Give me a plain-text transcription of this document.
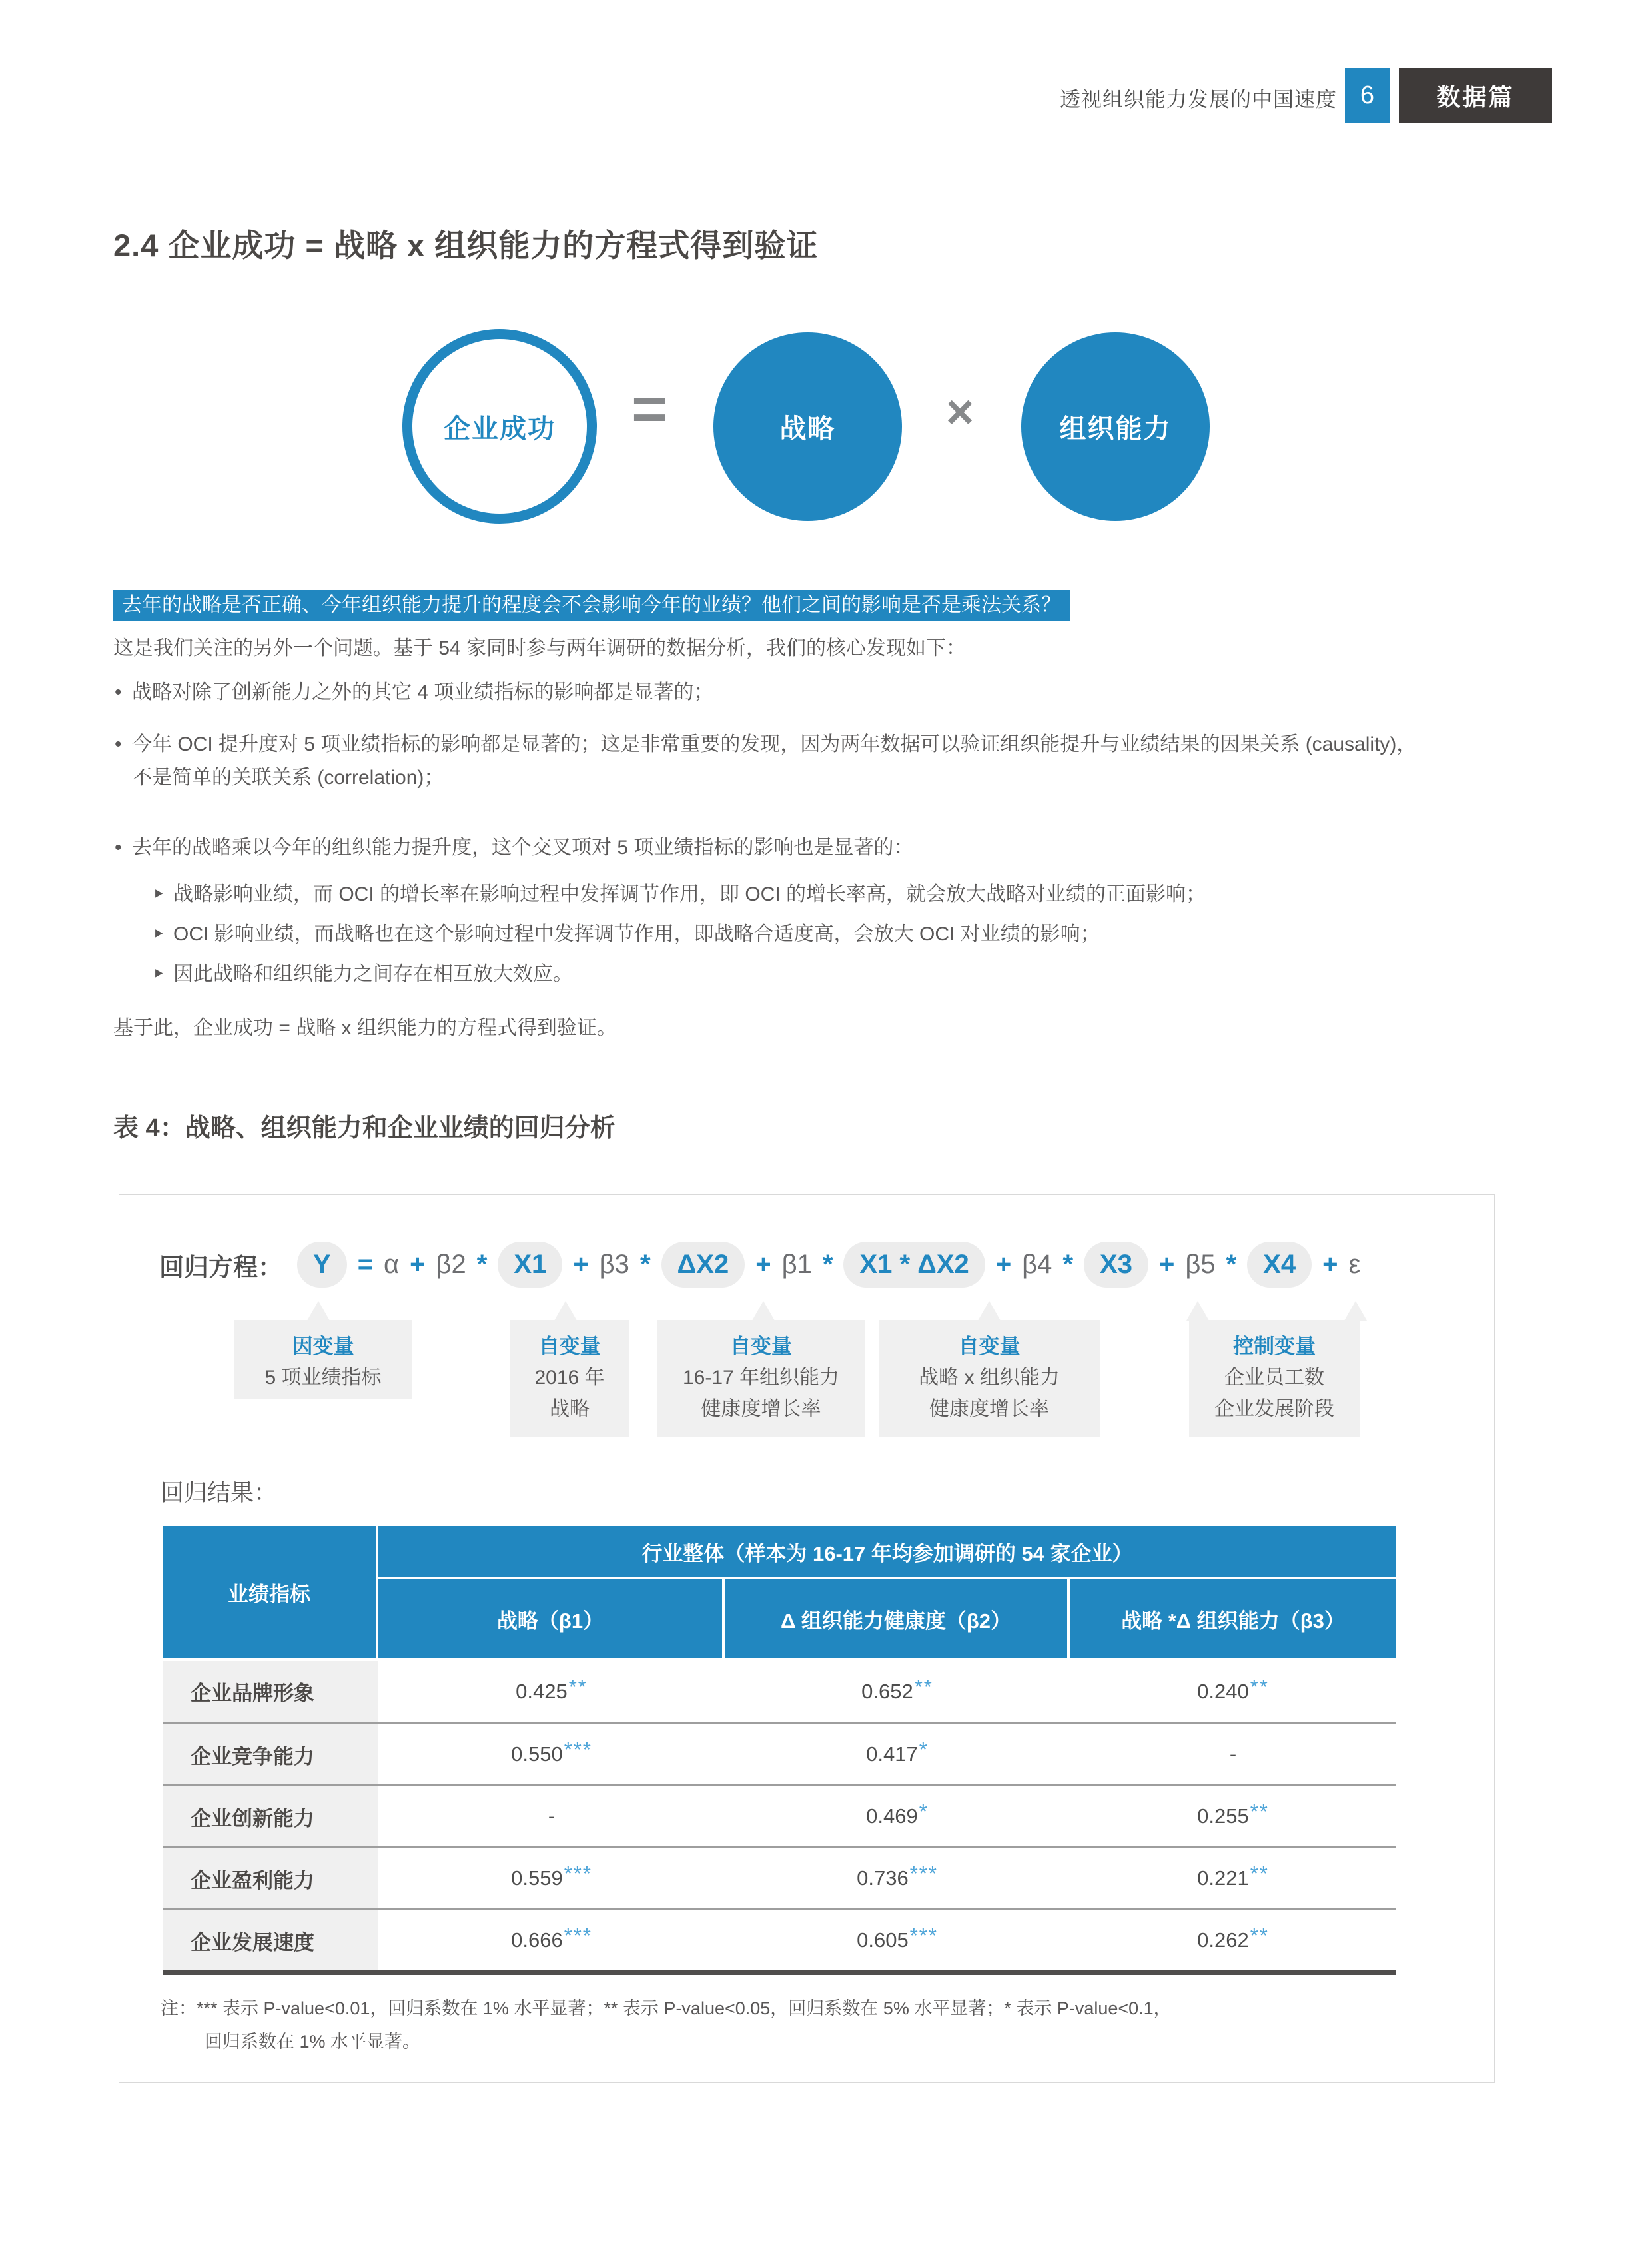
透视组织能力发展的中国速度 6	数据篇
2.4 企业成功 = 战略 x 组织能力的方程式得到验证
企业成功	=	战略	×	组织能力
去年的战略是否正确、今年组织能力提升的程度会不会影响今年的业绩？他们之间的影响是否是乘法关系？

这是我们关注的另外一个问题。基于 54 家同时参与两年调研的数据分析，我们的核心发现如下：

• 战略对除了创新能力之外的其它 4 项业绩指标的影响都是显著的；
• 今年 OCI 提升度对 5 项业绩指标的影响都是显著的；这是非常重要的发现，因为两年数据可以验证组织能提升与业绩结果的因果关系 (causality)，不是简单的关联关系 (correlation)；
• 去年的战略乘以今年的组织能力提升度，这个交叉项对 5 项业绩指标的影响也是显著的：
‣ 战略影响业绩，而 OCI 的增长率在影响过程中发挥调节作用，即 OCI 的增长率高，就会放大战略对业绩的正面影响；
‣ OCI 影响业绩，而战略也在这个影响过程中发挥调节作用，即战略合适度高，会放大 OCI 对业绩的影响；
‣ 因此战略和组织能力之间存在相互放大效应。

基于此，企业成功 = 战略 x 组织能力的方程式得到验证。

表 4：战略、组织能力和企业业绩的回归分析
回归方程：	Y	= α + β2 *	X1	+ β3 *	ΔX2	+ β1 *	X1 * ΔX2	+ β4 *	X3	+ β5 *	X4	+ ε
因变量
5 项业绩指标
自变量
2016 年
战略
自变量
16-17 年组织能力
健康度增长率
自变量
战略 x 组织能力
健康度增长率
控制变量
企业员工数
企业发展阶段
回归结果：
业绩指标
行业整体（样本为 16-17 年均参加调研的 54 家企业）
战略（β1）	Δ 组织能力健康度（β2）	战略 *Δ 组织能力（β3）
企业品牌形象	0.425 **	0.652 **	0.240 **
企业竞争能力	0.550 ***	0.417 *	-
企业创新能力	-	0.469 *	0.255 **
企业盈利能力	0.559 ***	0.736 ***	0.221 **
企业发展速度	0.666 ***	0.605 ***	0.262 **
注：*** 表示 P-value<0.01，回归系数在 1% 水平显著；** 表示 P-value<0.05，回归系数在 5% 水平显著；* 表示 P-value<0.1，
回归系数在 1% 水平显著。
